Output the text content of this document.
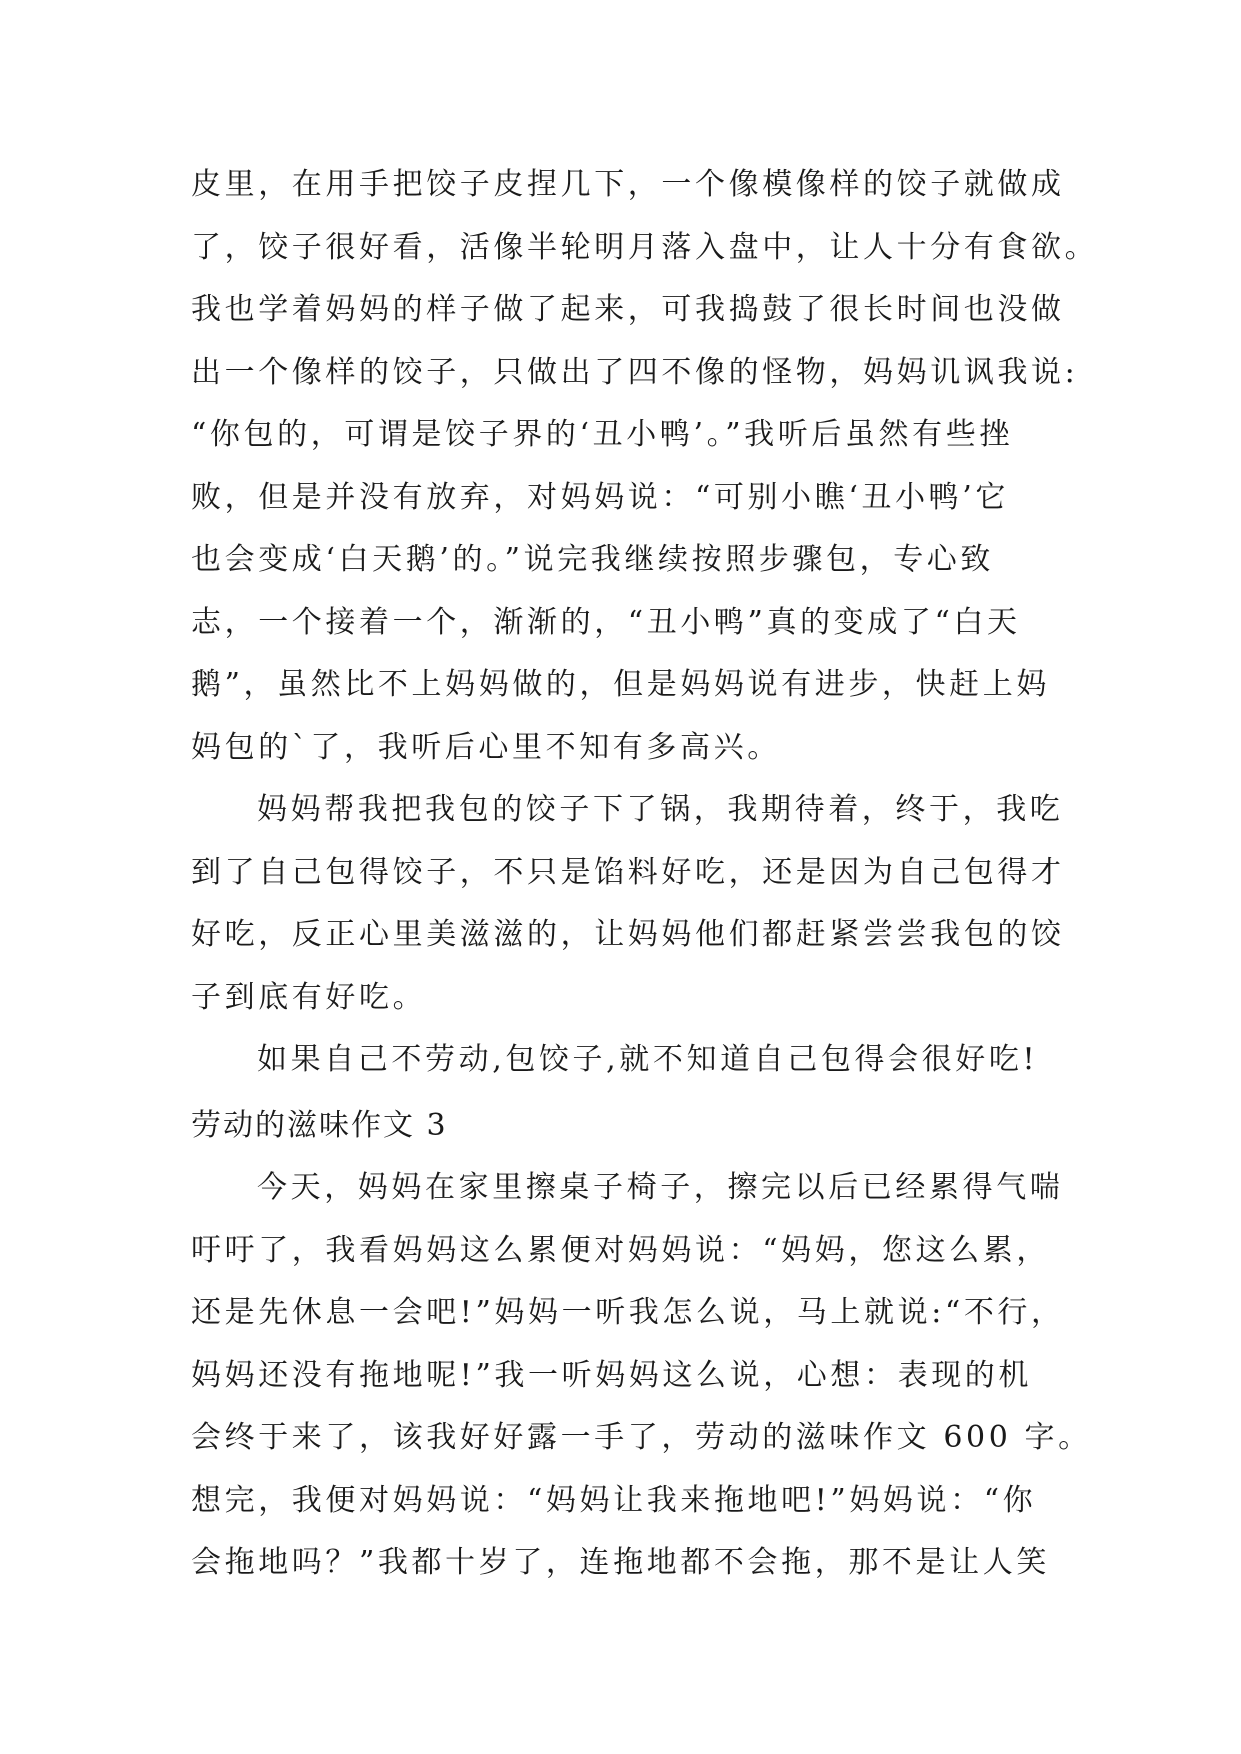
皮里，在用手把饺子皮捏几下，一个像模像样的饺子就做成
了，饺子很好看，活像半轮明月落入盘中，让人十分有食欲。
我也学着妈妈的样子做了起来，可我捣鼓了很长时间也没做
出一个像样的饺子，只做出了四不像的怪物，妈妈讥讽我说:
“你包的，可谓是饺子界的‘丑小鸭’。”我听后虽然有些挫
败，但是并没有放弃，对妈妈说：“可别小瞧‘丑小鸭’它
也会变成‘白天鹅’的。”说完我继续按照步骤包，专心致
志，一个接着一个，渐渐的，“丑小鸭”真的变成了“白天
鹅”，虽然比不上妈妈做的，但是妈妈说有进步，快赶上妈
妈包的`了，我听后心里不知有多高兴。
妈妈帮我把我包的饺子下了锅，我期待着，终于，我吃
到了自己包得饺子，不只是馅料好吃，还是因为自己包得才
好吃，反正心里美滋滋的，让妈妈他们都赶紧尝尝我包的饺
子到底有好吃。
如果自己不劳动,包饺子,就不知道自己包得会很好吃!
劳动的滋味作文 3
今天，妈妈在家里擦桌子椅子，擦完以后已经累得气喘
吁吁了，我看妈妈这么累便对妈妈说：“妈妈，您这么累，
还是先休息一会吧!”妈妈一听我怎么说，马上就说:“不行，
妈妈还没有拖地呢!”我一听妈妈这么说，心想：表现的机
会终于来了，该我好好露一手了，劳动的滋味作文 600 字。
想完，我便对妈妈说：“妈妈让我来拖地吧!”妈妈说：“你
会拖地吗？”我都十岁了，连拖地都不会拖，那不是让人笑
